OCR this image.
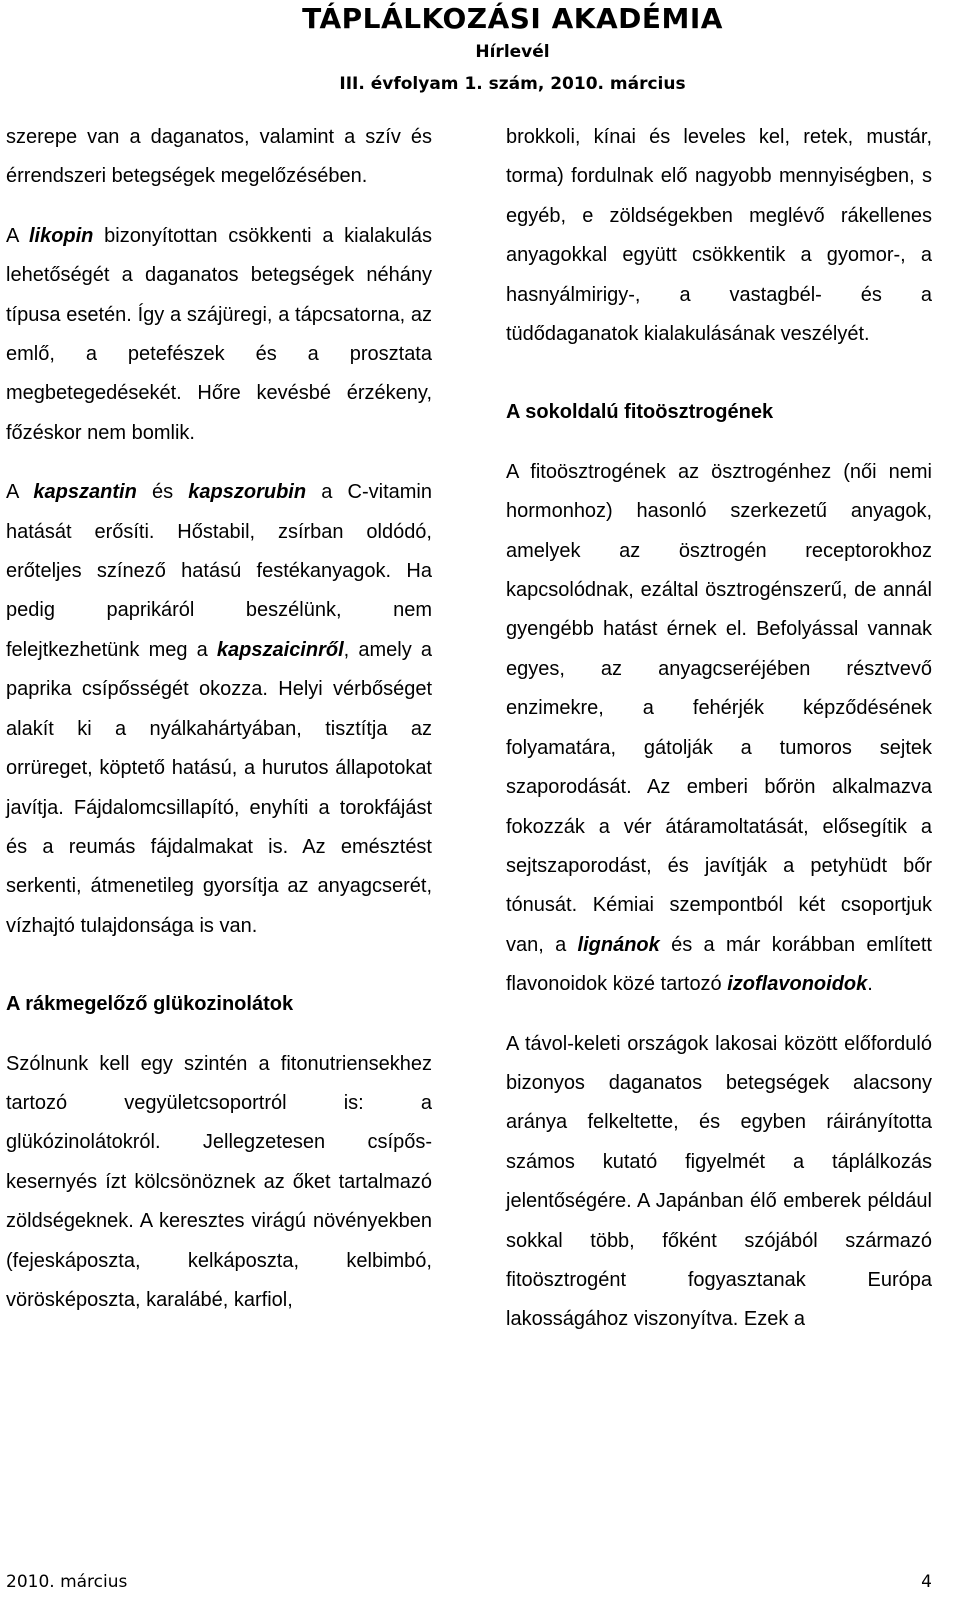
TÁPLÁLKOZÁSI AKADÉMIA
Hírlevél
III. évfolyam 1. szám, 2010. március

szerepe van a daganatos, valamint a szív és érrendszeri betegségek megelőzésében.

A likopin bizonyítottan csökkenti a kialakulás lehetőségét a daganatos betegségek néhány típusa esetén. Így a szájüregi, a tápcsatorna, az emlő, a petefészek és a prosztata megbetegedésekét. Hőre kevésbé érzékeny, főzéskor nem bomlik.

A kapszantin és kapszorubin a C-vitamin hatását erősíti. Hőstabil, zsírban oldódó, erőteljes színező hatású festékanyagok. Ha pedig paprikáról beszélünk, nem felejtkezhetünk meg a kapszaicinről, amely a paprika csípősségét okozza. Helyi vérbőséget alakít ki a nyálkahártyában, tisztítja az orrüreget, köptető hatású, a hurutos állapotokat javítja. Fájdalomcsillapító, enyhíti a torokfájást és a reumás fájdalmakat is. Az emésztést serkenti, átmenetileg gyorsítja az anyagcserét, vízhajtó tulajdonsága is van.

A rákmegelőző glükozinolátok

Szólnunk kell egy szintén a fitonutriensekhez tartozó vegyületcsoportról is: a glükózinolátokról. Jellegzetesen csípős-kesernyés ízt kölcsönöznek az őket tartalmazó zöldségeknek. A keresztes virágú növényekben (fejeskáposzta, kelkáposzta, kelbimbó, vörösképoszta, karalábé, karfiol,

brokkoli, kínai és leveles kel, retek, mustár, torma) fordulnak elő nagyobb mennyiségben, s egyéb, e zöldségekben meglévő rákellenes anyagokkal együtt csökkentik a gyomor-, a hasnyálmirigy-, a vastagbél- és a tüdődaganatok kialakulásának veszélyét.

A sokoldalú fitoösztrogének

A fitoösztrogének az ösztrogénhez (női nemi hormonhoz) hasonló szerkezetű anyagok, amelyek az ösztrogén receptorokhoz kapcsolódnak, ezáltal ösztrogénszerű, de annál gyengébb hatást érnek el. Befolyással vannak egyes, az anyagcseréjében résztvevő enzimekre, a fehérjék képződésének folyamatára, gátolják a tumoros sejtek szaporodását. Az emberi bőrön alkalmazva fokozzák a vér átáramoltatását, elősegítik a sejtszaporodást, és javítják a petyhüdt bőr tónusát. Kémiai szempontból két csoportjuk van, a lignánok és a már korábban említett flavonoidok közé tartozó izoflavonoidok.

A távol-keleti országok lakosai között előforduló bizonyos daganatos betegségek alacsony aránya felkeltette, és egyben ráirányította számos kutató figyelmét a táplálkozás jelentőségére. A Japánban élő emberek például sokkal több, főként szójából származó fitoösztrogént fogyasztanak Európa lakosságához viszonyítva. Ezek a

2010. március	4
